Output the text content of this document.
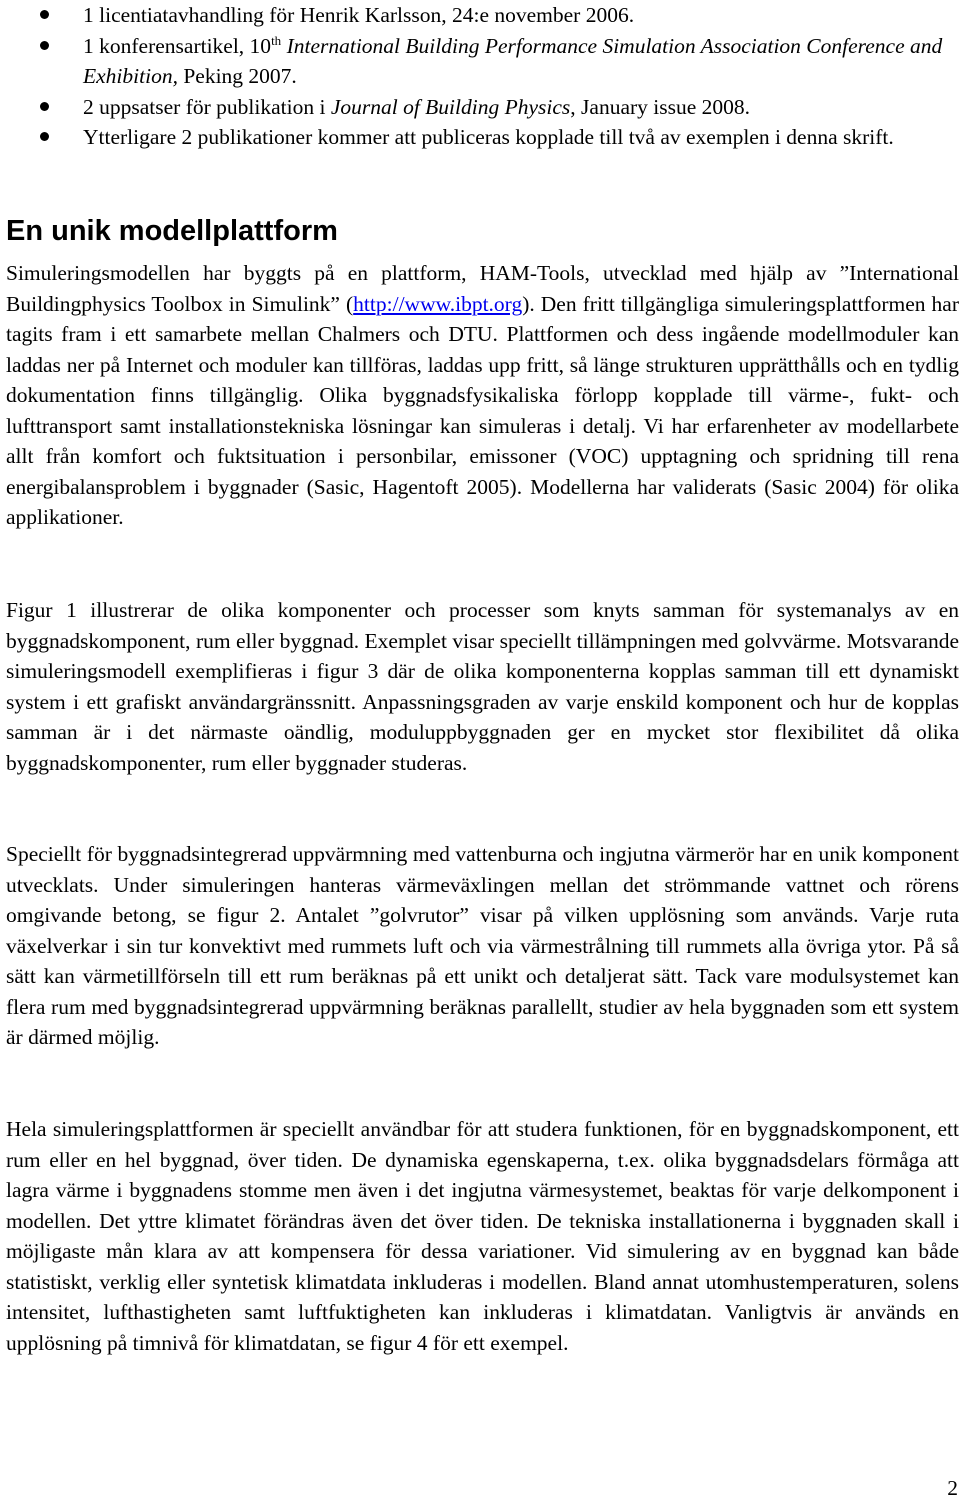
1 licentiatavhandling för Henrik Karlsson, 24:e november 2006.
1 konferensartikel, 10th International Building Performance Simulation Association Conference and Exhibition, Peking 2007.
2 uppsatser för publikation i Journal of Building Physics, January issue 2008.
Ytterligare 2 publikationer kommer att publiceras kopplade till två av exemplen i denna skrift.
En unik modellplattform

Simuleringsmodellen har byggts på en plattform, HAM-Tools, utvecklad med hjälp av ”International Buildingphysics Toolbox in Simulink” (http://www.ibpt.org). Den fritt tillgängliga simuleringsplattformen har tagits fram i ett samarbete mellan Chalmers och DTU. Plattformen och dess ingående modellmoduler kan laddas ner på Internet och moduler kan tillföras, laddas upp fritt, så länge strukturen upprätthålls och en tydlig dokumentation finns tillgänglig. Olika byggnadsfysikaliska förlopp kopplade till värme-, fukt- och lufttransport samt installationstekniska lösningar kan simuleras i detalj. Vi har erfarenheter av modellarbete allt från komfort och fuktsituation i personbilar, emissoner (VOC) upptagning och spridning till rena energibalansproblem i byggnader (Sasic, Hagentoft 2005). Modellerna har validerats (Sasic 2004) för olika applikationer.

Figur 1 illustrerar de olika komponenter och processer som knyts samman för systemanalys av en byggnadskomponent, rum eller byggnad. Exemplet visar speciellt tillämpningen med golvvärme. Motsvarande simuleringsmodell exemplifieras i figur 3 där de olika komponenterna kopplas samman till ett dynamiskt system i ett grafiskt användargränssnitt. Anpassningsgraden av varje enskild komponent och hur de kopplas samman är i det närmaste oändlig, moduluppbyggnaden ger en mycket stor flexibilitet då olika byggnadskomponenter, rum eller byggnader studeras.

Speciellt för byggnadsintegrerad uppvärmning med vattenburna och ingjutna värmerör har en unik komponent utvecklats. Under simuleringen hanteras värmeväxlingen mellan det strömmande vattnet och rörens omgivande betong, se figur 2. Antalet ”golvrutor” visar på vilken upplösning som används. Varje ruta växelverkar i sin tur konvektivt med rummets luft och via värmestrålning till rummets alla övriga ytor. På så sätt kan värmetillförseln till ett rum beräknas på ett unikt och detaljerat sätt. Tack vare modulsystemet kan flera rum med byggnadsintegrerad uppvärmning beräknas parallellt, studier av hela byggnaden som ett system är därmed möjlig.

Hela simuleringsplattformen är speciellt användbar för att studera funktionen, för en byggnadskomponent, ett rum eller en hel byggnad, över tiden. De dynamiska egenskaperna, t.ex. olika byggnadsdelars förmåga att lagra värme i byggnadens stomme men även i det ingjutna värmesystemet, beaktas för varje delkomponent i modellen. Det yttre klimatet förändras även det över tiden. De tekniska installationerna i byggnaden skall i möjligaste mån klara av att kompensera för dessa variationer. Vid simulering av en byggnad kan både statistiskt, verklig eller syntetisk klimatdata inkluderas i modellen. Bland annat utomhustemperaturen, solens intensitet, lufthastigheten samt luftfuktigheten kan inkluderas i klimatdatan. Vanligtvis är används en upplösning på timnivå för klimatdatan, se figur 4 för ett exempel.

2
